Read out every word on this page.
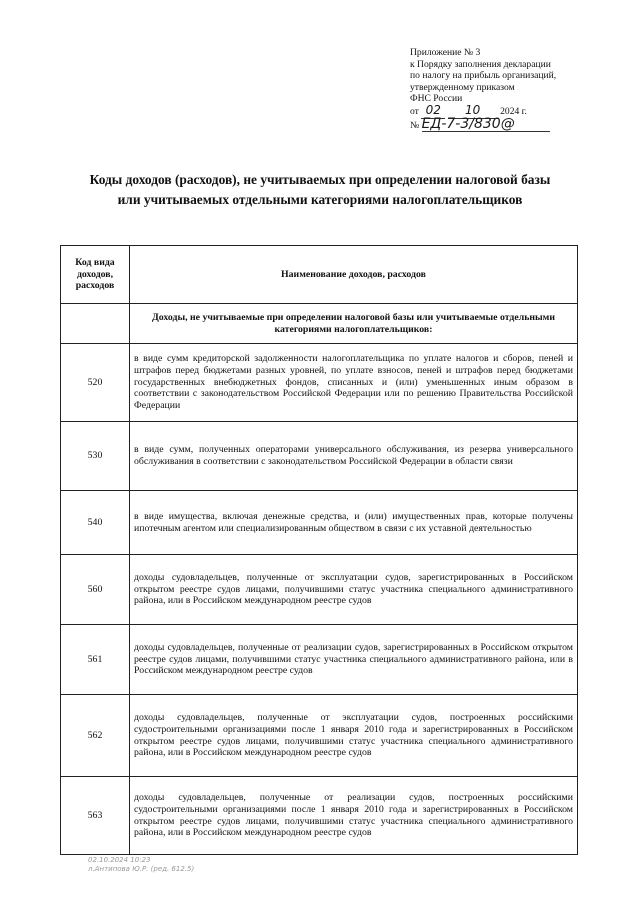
Приложение № 3
к Порядку заполнения декларации
по налогу на прибыль организаций,
утвержденному приказом
ФНС России
от 02 10 2024 г.
№ ЕД-7-3/830@
Коды доходов (расходов), не учитываемых при определении налоговой базы
или учитываемых отдельными категориями налогоплательщиков
Код вида доходов, расходов	Наименование доходов, расходов
	Доходы, не учитываемые при определении налоговой базы или учитываемые отдельными категориями налогоплательщиков:
520	в виде сумм кредиторской задолженности налогоплательщика по уплате налогов и сборов, пеней и штрафов перед бюджетами разных уровней, по уплате взносов, пеней и штрафов перед бюджетами государственных внебюджетных фондов, списанных и (или) уменьшенных иным образом в соответствии с законодательством Российской Федерации или по решению Правительства Российской Федерации
530	в виде сумм, полученных операторами универсального обслуживания, из резерва универсального обслуживания в соответствии с законодательством Российской Федерации в области связи
540	в виде имущества, включая денежные средства, и (или) имущественных прав, которые получены ипотечным агентом или специализированным обществом в связи с их уставной деятельностью
560	доходы судовладельцев, полученные от эксплуатации судов, зарегистрированных в Российском открытом реестре судов лицами, получившими статус участника специального административного района, или в Российском международном реестре судов
561	доходы судовладельцев, полученные от реализации судов, зарегистрированных в Российском открытом реестре судов лицами, получившими статус участника специального административного района, или в Российском международном реестре судов
562	доходы судовладельцев, полученные от эксплуатации судов, построенных российскими судостроительными организациями после 1 января 2010 года и зарегистрированных в Российском открытом реестре судов лицами, получившими статус участника специального административного района, или в Российском международном реестре судов
563	доходы судовладельцев, полученные от реализации судов, построенных российскими судостроительными организациями после 1 января 2010 года и зарегистрированных в Российском открытом реестре судов лицами, получившими статус участника специального административного района, или в Российском международном реестре судов
02.10.2024 10:23
л.Антипова Ю.Р. (ред. 612.5)
